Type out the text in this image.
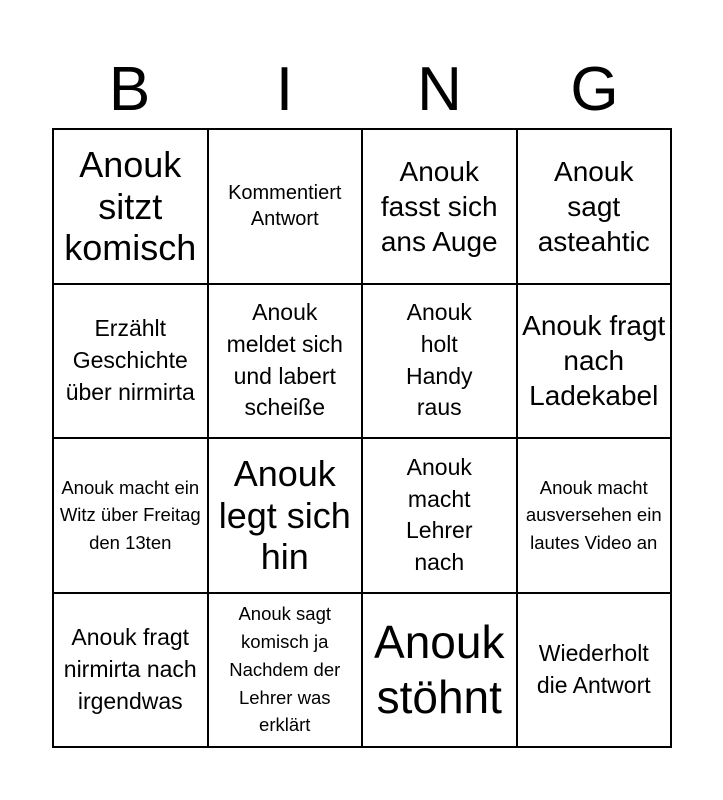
B	I	N	G
Anouk sitzt komisch
Kommentiert Antwort
Anouk fasst sich ans Auge
Anouk sagt asteahtic
Erzählt Geschichte über nirmirta
Anouk meldet sich und labert scheiße
Anouk holt Handy raus
Anouk fragt nach Ladekabel
Anouk macht ein Witz über Freitag den 13ten
Anouk legt sich hin
Anouk macht Lehrer nach
Anouk macht ausversehen ein lautes Video an
Anouk fragt nirmirta nach irgendwas
Anouk sagt komisch ja Nachdem der Lehrer was erklärt
Anouk stöhnt
Wiederholt die Antwort
